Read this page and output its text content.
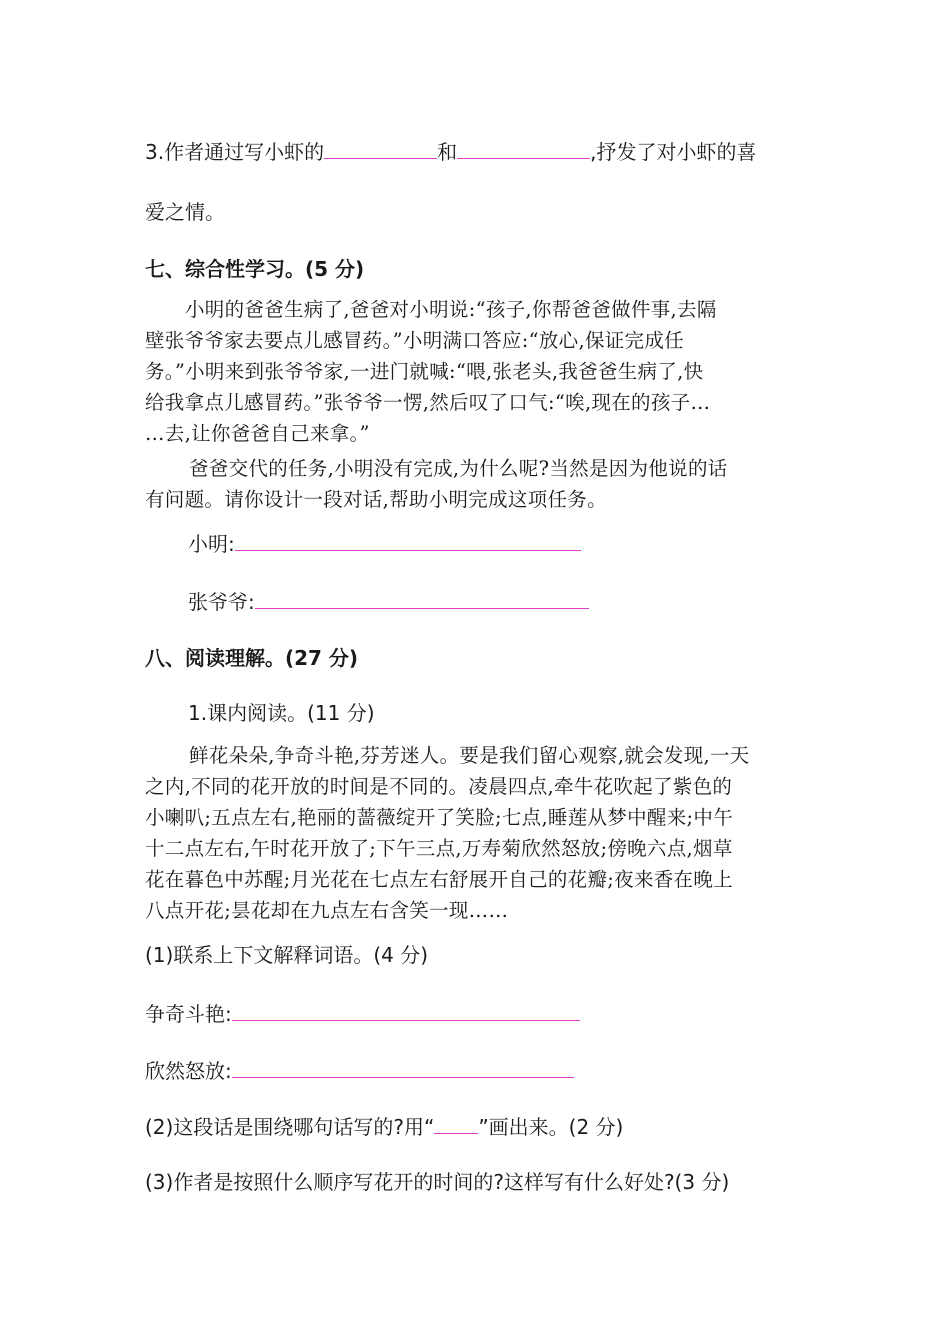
3.作者通过写小虾的	和	,抒发了对小虾的喜
爱之情。
七、综合性学习。(5 分)
小明的爸爸生病了,爸爸对小明说:“孩子,你帮爸爸做件事,去隔
壁张爷爷家去要点儿感冒药。”小明满口答应:“放心,保证完成任
务。”小明来到张爷爷家,一进门就喊:“喂,张老头,我爸爸生病了,快
给我拿点儿感冒药。”张爷爷一愣,然后叹了口气:“唉,现在的孩子…
…去,让你爸爸自己来拿。”
爸爸交代的任务,小明没有完成,为什么呢?当然是因为他说的话
有问题。请你设计一段对话,帮助小明完成这项任务。
小明:
张爷爷:
八、阅读理解。(27 分)
1.课内阅读。(11 分)
鲜花朵朵,争奇斗艳,芬芳迷人。要是我们留心观察,就会发现,一天
之内,不同的花开放的时间是不同的。凌晨四点,牵牛花吹起了紫色的
小喇叭;五点左右,艳丽的蔷薇绽开了笑脸;七点,睡莲从梦中醒来;中午
十二点左右,午时花开放了;下午三点,万寿菊欣然怒放;傍晚六点,烟草
花在暮色中苏醒;月光花在七点左右舒展开自己的花瓣;夜来香在晚上
八点开花;昙花却在九点左右含笑一现……
(1)联系上下文解释词语。(4 分)
争奇斗艳:
欣然怒放:
(2)这段话是围绕哪句话写的?用“ ”画出来。(2 分)
(3)作者是按照什么顺序写花开的时间的?这样写有什么好处?(3 分)
